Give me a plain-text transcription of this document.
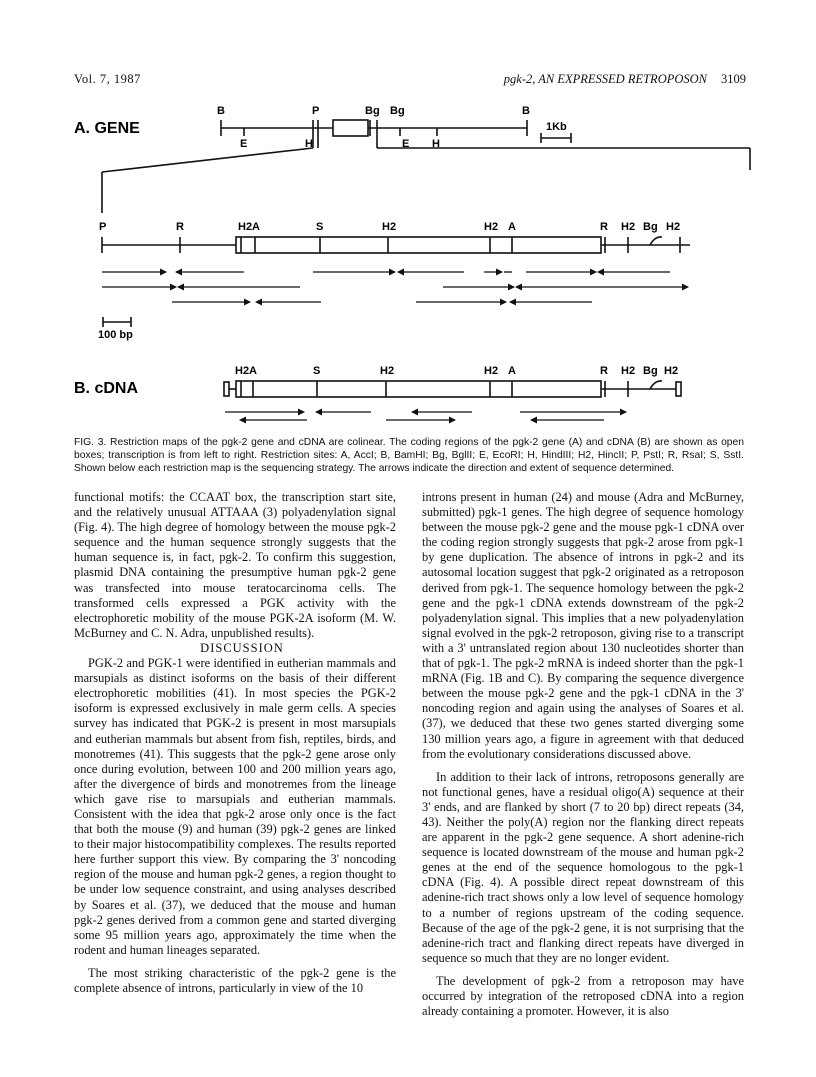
Vol. 7, 1987	pgk-2, AN EXPRESSED RETROPOSON 3109
A. GENE
B	P	Bg Bg	B
E	H	E H
1Kb
P	R	H2A	S	H2	H2 A	R H2 Bg H2
100 bp
B. cDNA
H2A	S	H2	H2 A	R H2 Bg H2
FIG. 3. Restriction maps of the pgk-2 gene and cDNA are colinear. The coding regions of the pgk-2 gene (A) and cDNA (B) are shown as open boxes; transcription is from left to right. Restriction sites: A, AccI; B, BamHI; Bg, BglII; E, EcoRI; H, HindIII; H2, HincII; P, PstI; R, RsaI; S, SstI. Shown below each restriction map is the sequencing strategy. The arrows indicate the direction and extent of sequence determined.

functional motifs: the CCAAT box, the transcription start site, and the relatively unusual ATTAAA (3) polyadenylation signal (Fig. 4). The high degree of homology between the mouse pgk-2 sequence and the human sequence strongly suggests that the human sequence is, in fact, pgk-2. To confirm this suggestion, plasmid DNA containing the presumptive human pgk-2 gene was transfected into mouse teratocarcinoma cells. The transformed cells expressed a PGK activity with the electrophoretic mobility of the mouse PGK-2A isoform (M. W. McBurney and C. N. Adra, unpublished results).

DISCUSSION

PGK-2 and PGK-1 were identified in eutherian mammals and marsupials as distinct isoforms on the basis of their different electrophoretic mobilities (41). In most species the PGK-2 isoform is expressed exclusively in male germ cells. A species survey has indicated that PGK-2 is present in most marsupials and eutherian mammals but absent from fish, reptiles, birds, and monotremes (41). This suggests that the pgk-2 gene arose only once during evolution, between 100 and 200 million years ago, after the divergence of birds and monotremes from the lineage which gave rise to marsupials and eutherian mammals. Consistent with the idea that pgk-2 arose only once is the fact that both the mouse (9) and human (39) pgk-2 genes are linked to their major histocompatibility complexes. The results reported here further support this view. By comparing the 3' noncoding region of the mouse and human pgk-2 genes, a region thought to be under low sequence constraint, and using analyses described by Soares et al. (37), we deduced that the mouse and human pgk-2 genes derived from a common gene and started diverging some 95 million years ago, approximately the time when the rodent and human lineages separated.

The most striking characteristic of the pgk-2 gene is the complete absence of introns, particularly in view of the 10

introns present in human (24) and mouse (Adra and McBurney, submitted) pgk-1 genes. The high degree of sequence homology between the mouse pgk-2 gene and the mouse pgk-1 cDNA over the coding region strongly suggests that pgk-2 arose from pgk-1 by gene duplication. The absence of introns in pgk-2 and its autosomal location suggest that pgk-2 originated as a retroposon derived from pgk-1. The sequence homology between the pgk-2 gene and the pgk-1 cDNA extends downstream of the pgk-2 polyadenylation signal. This implies that a new polyadenylation signal evolved in the pgk-2 retroposon, giving rise to a transcript with a 3' untranslated region about 130 nucleotides shorter than that of pgk-1. The pgk-2 mRNA is indeed shorter than the pgk-1 mRNA (Fig. 1B and C). By comparing the sequence divergence between the mouse pgk-2 gene and the pgk-1 cDNA in the 3' noncoding region and again using the analyses of Soares et al. (37), we deduced that these two genes started diverging some 130 million years ago, a figure in agreement with that deduced from the evolutionary considerations discussed above.

In addition to their lack of introns, retroposons generally are not functional genes, have a residual oligo(A) sequence at their 3' ends, and are flanked by short (7 to 20 bp) direct repeats (34, 43). Neither the poly(A) region nor the flanking direct repeats are apparent in the pgk-2 gene sequence. A short adenine-rich sequence is located downstream of the mouse and human pgk-2 genes at the end of the sequence homologous to the pgk-1 cDNA (Fig. 4). A possible direct repeat downstream of this adenine-rich tract shows only a low level of sequence homology to a number of regions upstream of the coding sequence. Because of the age of the pgk-2 gene, it is not surprising that the adenine-rich tract and flanking direct repeats have diverged in sequence so much that they are no longer evident.

The development of pgk-2 from a retroposon may have occurred by integration of the retroposed cDNA into a region already containing a promoter. However, it is also
